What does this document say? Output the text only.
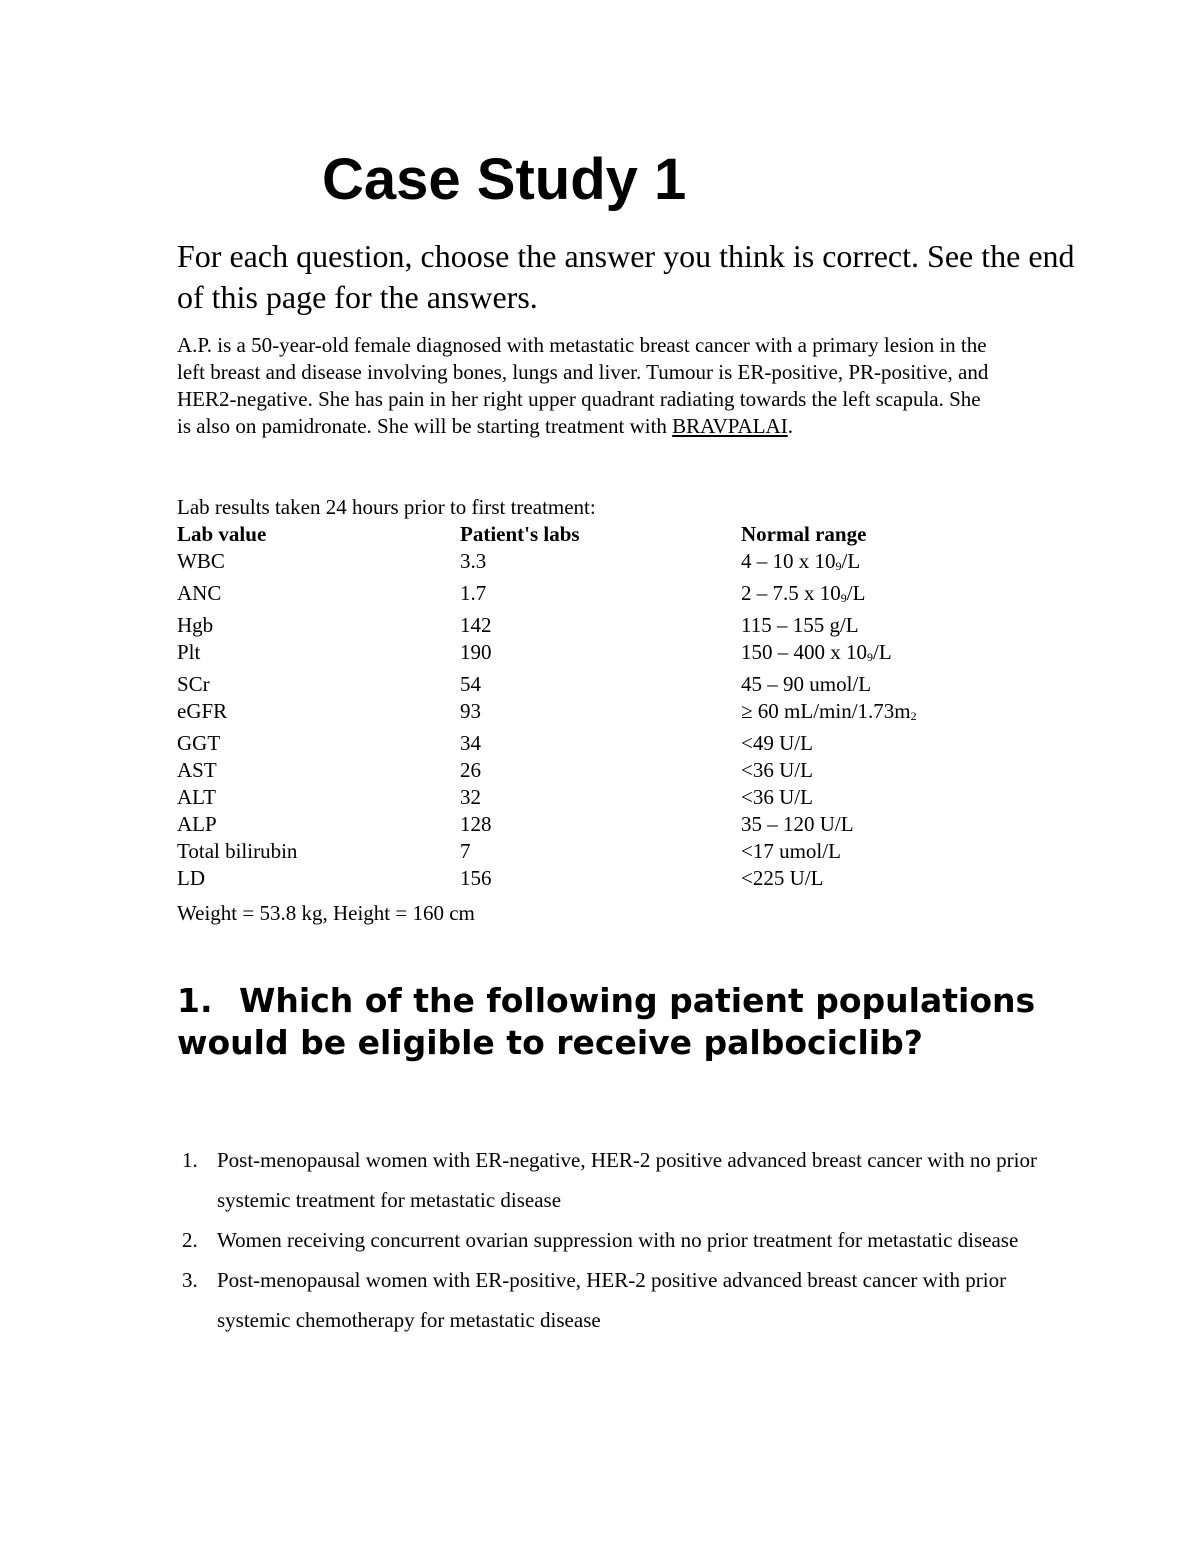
Case Study 1

For each question, choose the answer you think is correct. See the end of this page for the answers.

A.P. is a 50-year-old female diagnosed with metastatic breast cancer with a primary lesion in the left breast and disease involving bones, lungs and liver. Tumour is ER-positive, PR-positive, and HER2-negative. She has pain in her right upper quadrant radiating towards the left scapula. She is also on pamidronate. She will be starting treatment with BRAVPALAI.

Lab results taken 24 hours prior to first treatment:

Lab value	Patient's labs	Normal range
WBC	3.3	4 – 10 x $10_9/L$
ANC	1.7	2 – 7.5 x $10_9/L$
Hgb	142	115 – 155 g/L
Plt	190	150 – 400 x $10_9/L$
SCr	54	45 – 90 umol/L
eGFR	93	≥ 60 $mL/\min/1.73m_2$
GGT	34	<49 U/L
AST	26	<36 U/L
ALT	32	<36 U/L
ALP	128	35 – 120 U/L
Total bilirubin	7	<17 umol/L
LD	156	<225 U/L

Weight = 53.8 kg, Height = 160 cm

1. Which of the following patient populations would be eligible to receive palbociclib?
1. Post-menopausal women with ER-negative, HER-2 positive advanced breast cancer with no prior systemic treatment for metastatic disease
2. Women receiving concurrent ovarian suppression with no prior treatment for metastatic disease
3. Post-menopausal women with ER-positive, HER-2 positive advanced breast cancer with prior systemic chemotherapy for metastatic disease
